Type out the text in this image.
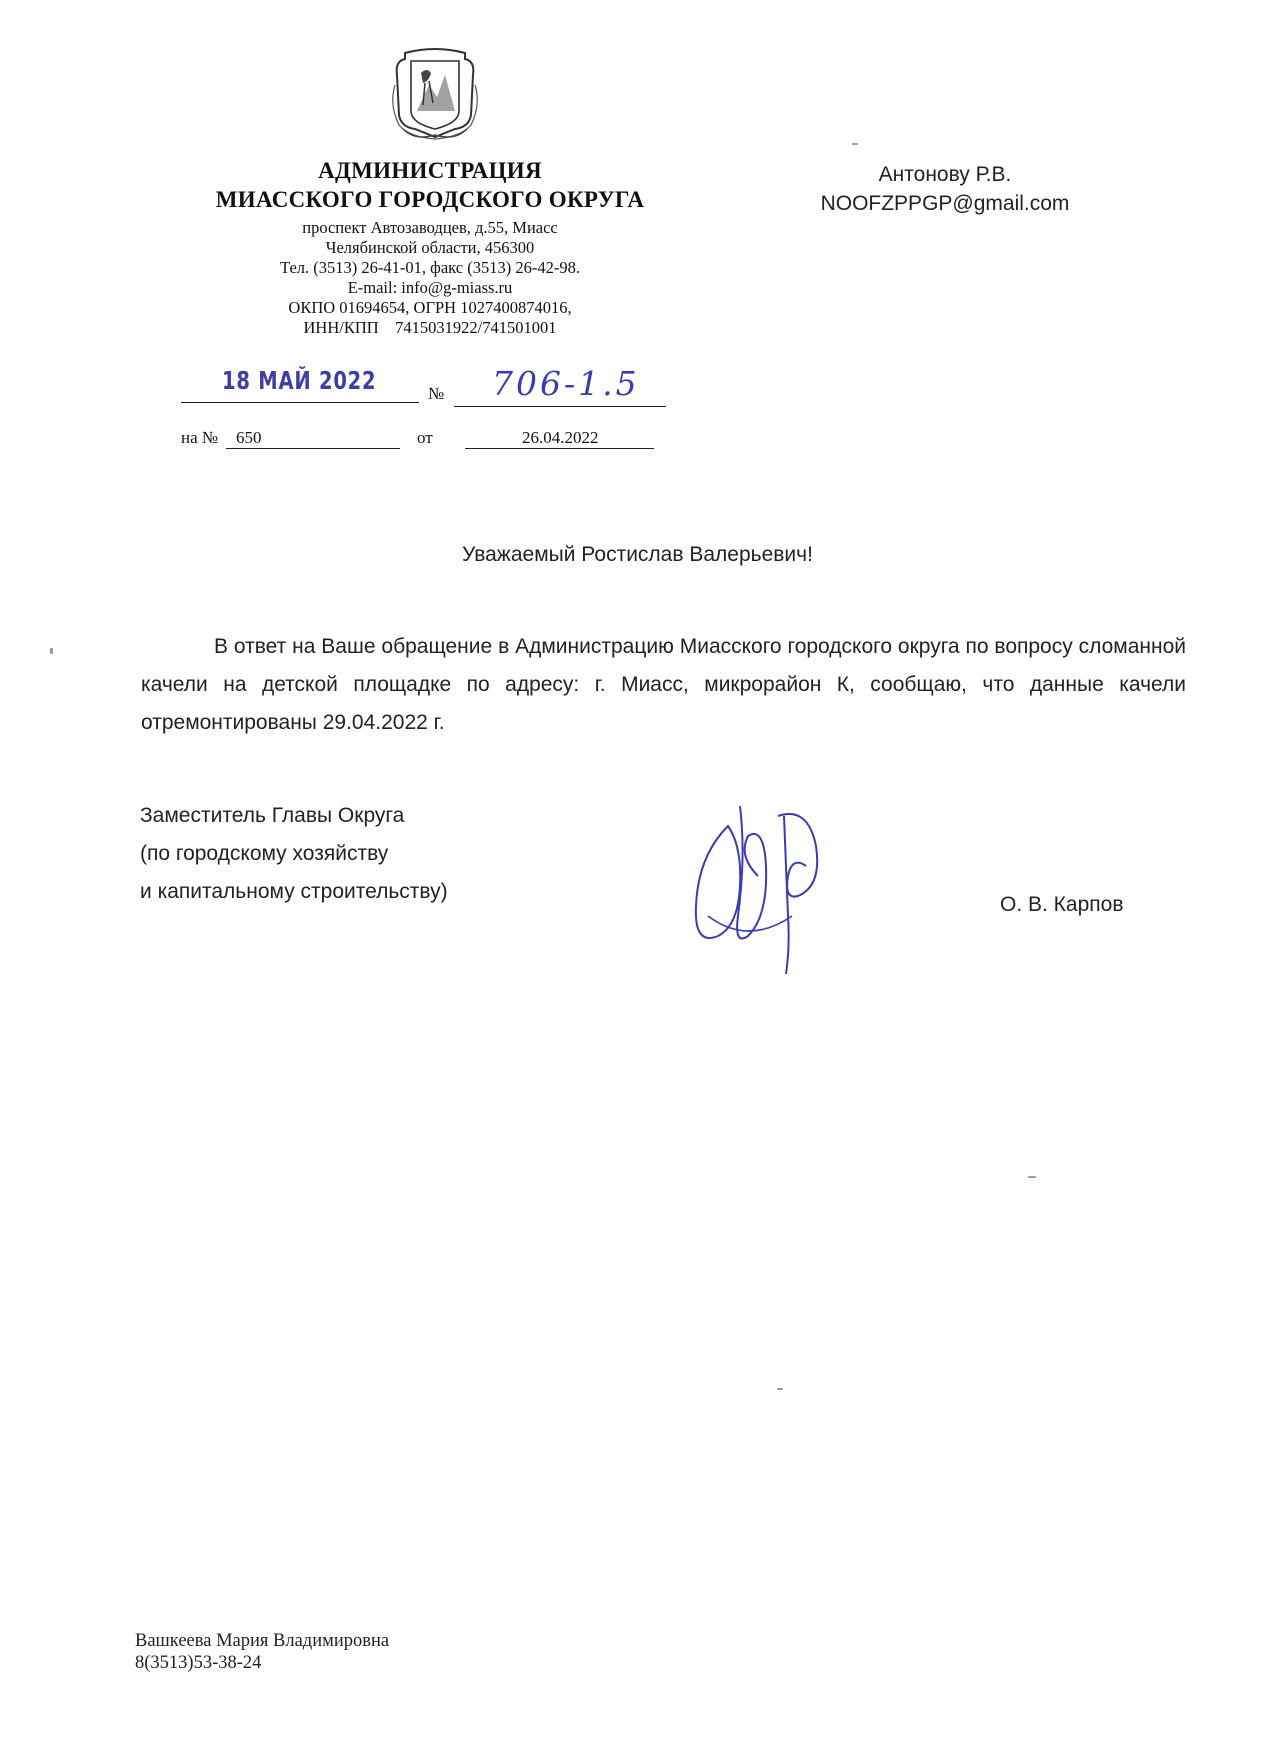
АДМИНИСТРАЦИЯ
МИАССКОГО ГОРОДСКОГО ОКРУГА
проспект Автозаводцев, д.55, Миасс
Челябинской области, 456300
Тел. (3513) 26-41-01, факс (3513) 26-42-98.
E-mail: info@g-miass.ru
ОКПО 01694654, ОГРН 1027400874016,
ИНН/КПП    7415031922/741501001
Антонову Р.В.
NOOFZPPGP@gmail.com
18 МАЙ 2022	№ 706-1.5
на № 650	от	26.04.2022
Уважаемый Ростислав Валерьевич!
В ответ на Ваше обращение в Администрацию Миасского городского округа по вопросу сломанной качели на детской площадке по адресу: г. Миасс, микрорайон К, сообщаю, что данные качели отремонтированы 29.04.2022 г.
Заместитель Главы Округа
(по городскому хозяйству
и капитальному строительству)
О. В. Карпов
Вашкеева Мария Владимировна
8(3513)53-38-24
